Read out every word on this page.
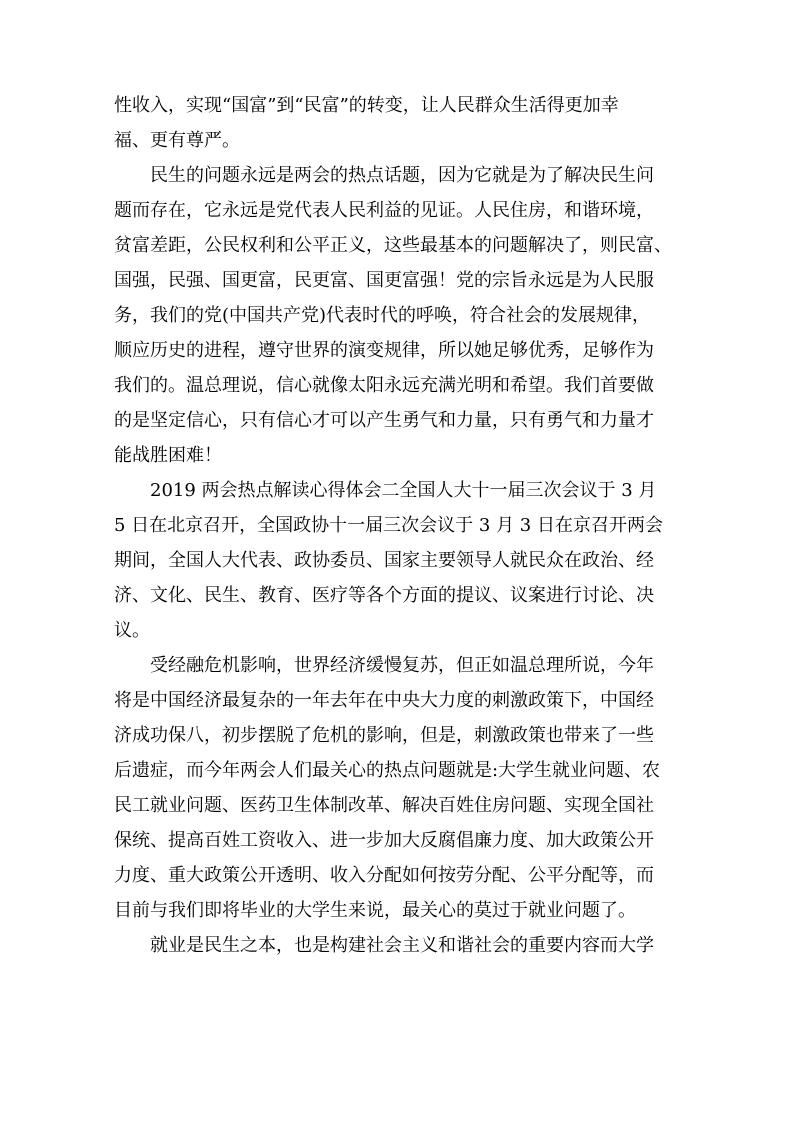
性收入，实现“国富”到“民富”的转变，让人民群众生活得更加幸
福、更有尊严。
　　民生的问题永远是两会的热点话题，因为它就是为了解决民生问
题而存在，它永远是党代表人民利益的见证。人民住房，和谐环境，
贫富差距，公民权利和公平正义，这些最基本的问题解决了，则民富、
国强，民强、国更富，民更富、国更富强！党的宗旨永远是为人民服
务，我们的党(中国共产党)代表时代的呼唤，符合社会的发展规律，
顺应历史的进程，遵守世界的演变规律，所以她足够优秀，足够作为
我们的。温总理说，信心就像太阳永远充满光明和希望。我们首要做
的是坚定信心，只有信心才可以产生勇气和力量，只有勇气和力量才
能战胜困难！
　　2019 两会热点解读心得体会二全国人大十一届三次会议于 3 月
5 日在北京召开，全国政协十一届三次会议于 3 月 3 日在京召开两会
期间，全国人大代表、政协委员、国家主要领导人就民众在政治、经
济、文化、民生、教育、医疗等各个方面的提议、议案进行讨论、决
议。
　　受经融危机影响，世界经济缓慢复苏，但正如温总理所说，今年
将是中国经济最复杂的一年去年在中央大力度的刺激政策下，中国经
济成功保八，初步摆脱了危机的影响，但是，刺激政策也带来了一些
后遗症，而今年两会人们最关心的热点问题就是:大学生就业问题、农
民工就业问题、医药卫生体制改革、解决百姓住房问题、实现全国社
保统、提高百姓工资收入、进一步加大反腐倡廉力度、加大政策公开
力度、重大政策公开透明、收入分配如何按劳分配、公平分配等，而
目前与我们即将毕业的大学生来说，最关心的莫过于就业问题了。
　　就业是民生之本，也是构建社会主义和谐社会的重要内容而大学
